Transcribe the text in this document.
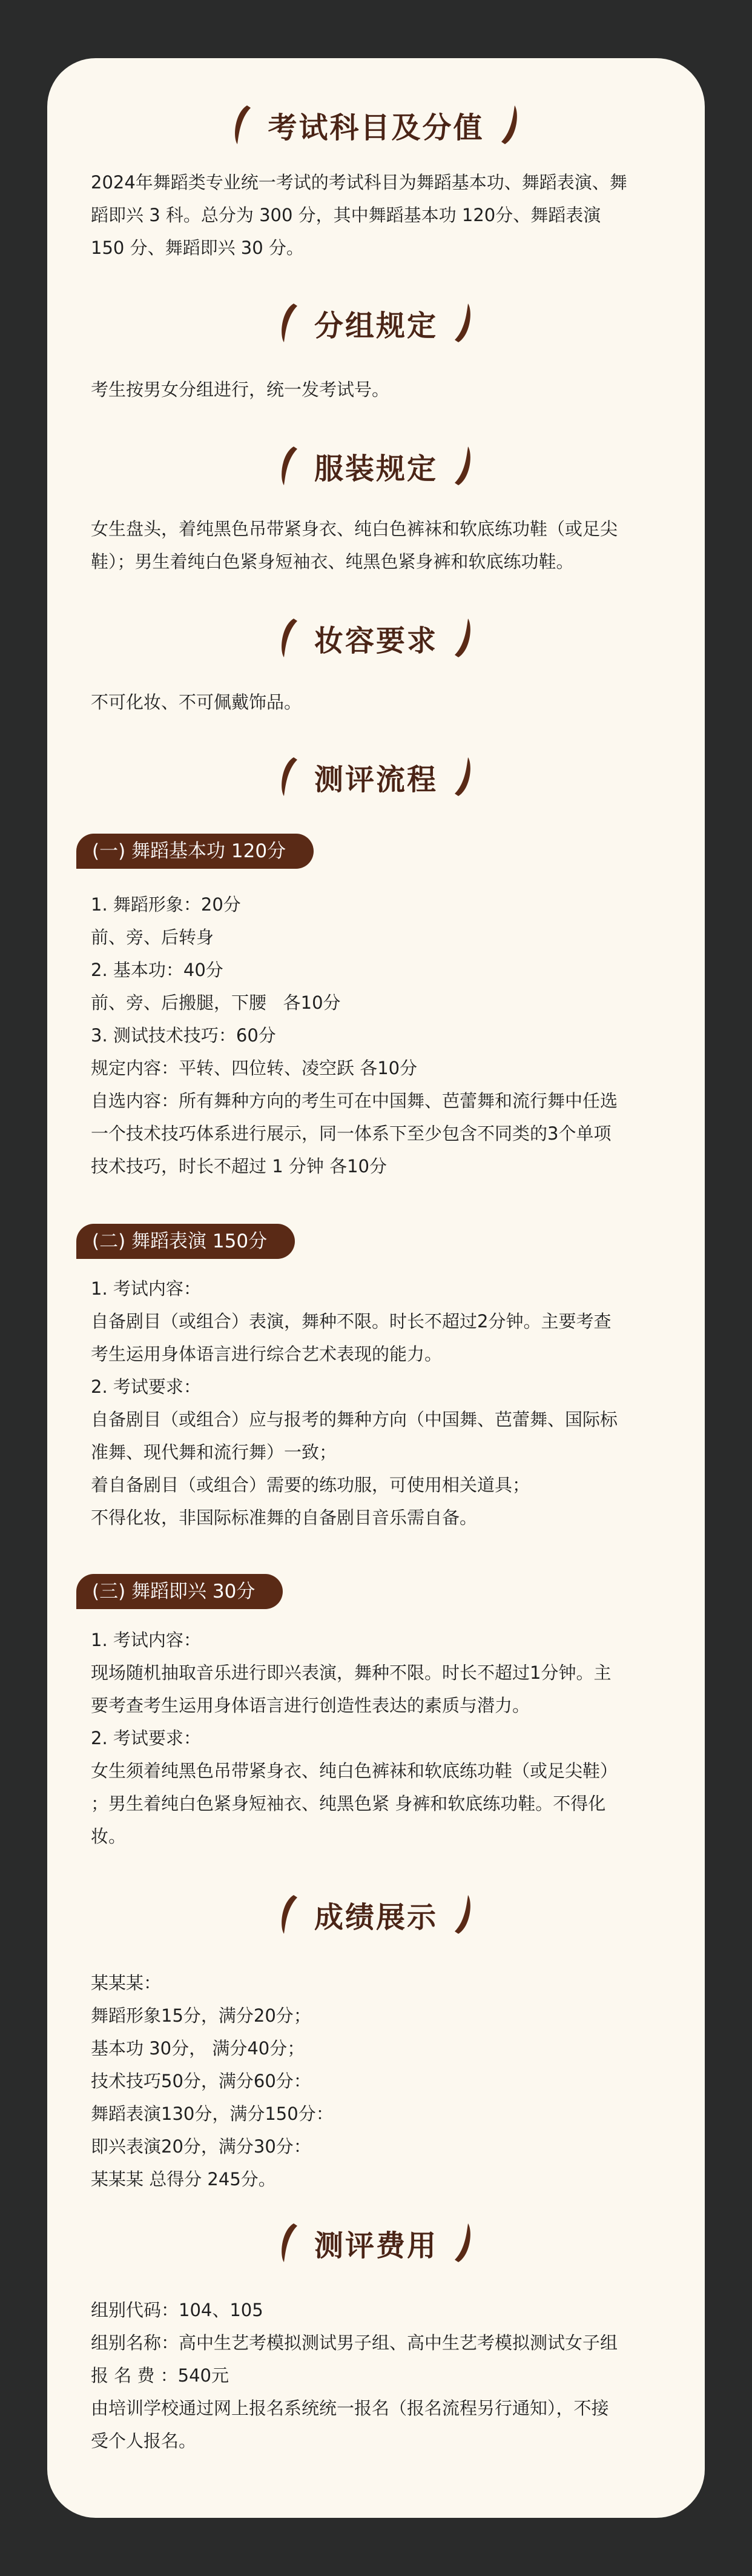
考试科目及分值
2024年舞蹈类专业统一考试的考试科目为舞蹈基本功、舞蹈表演、舞
蹈即兴 3 科。总分为 300 分，其中舞蹈基本功 120分、舞蹈表演
150 分、舞蹈即兴 30 分。
分组规定
考生按男女分组进行，统一发考试号。
服装规定
女生盘头，着纯黑色吊带紧身衣、纯白色裤袜和软底练功鞋（或足尖
鞋）；男生着纯白色紧身短袖衣、纯黑色紧身裤和软底练功鞋。
妆容要求
不可化妆、不可佩戴饰品。
测评流程
(一) 舞蹈基本功 120分
1. 舞蹈形象：20分
前、旁、后转身
2. 基本功：40分
前、旁、后搬腿，下腰   各10分
3. 测试技术技巧：60分
规定内容：平转、四位转、凌空跃 各10分
自选内容：所有舞种方向的考生可在中国舞、芭蕾舞和流行舞中任选
一个技术技巧体系进行展示，同一体系下至少包含不同类的3个单项
技术技巧，时长不超过 1 分钟 各10分
(二) 舞蹈表演 150分
1. 考试内容：
自备剧目（或组合）表演，舞种不限。时长不超过2分钟。主要考查
考生运用身体语言进行综合艺术表现的能力。
2. 考试要求：
自备剧目（或组合）应与报考的舞种方向（中国舞、芭蕾舞、国际标
准舞、现代舞和流行舞）一致；
着自备剧目（或组合）需要的练功服，可使用相关道具；
不得化妆，非国际标准舞的自备剧目音乐需自备。
(三) 舞蹈即兴 30分
1. 考试内容：
现场随机抽取音乐进行即兴表演，舞种不限。时长不超过1分钟。主
要考查考生运用身体语言进行创造性表达的素质与潜力。
2. 考试要求：
女生须着纯黑色吊带紧身衣、纯白色裤袜和软底练功鞋（或足尖鞋）
；男生着纯白色紧身短袖衣、纯黑色紧 身裤和软底练功鞋。不得化
妆。
成绩展示
某某某：
舞蹈形象15分，满分20分；
基本功 30分， 满分40分；
技术技巧50分，满分60分：
舞蹈表演130分，满分150分：
即兴表演20分，满分30分：
某某某 总得分 245分。
测评费用
组别代码：104、105
组别名称：高中生艺考模拟测试男子组、高中生艺考模拟测试女子组
报 名 费 ：540元
由培训学校通过网上报名系统统一报名（报名流程另行通知），不接
受个人报名。
